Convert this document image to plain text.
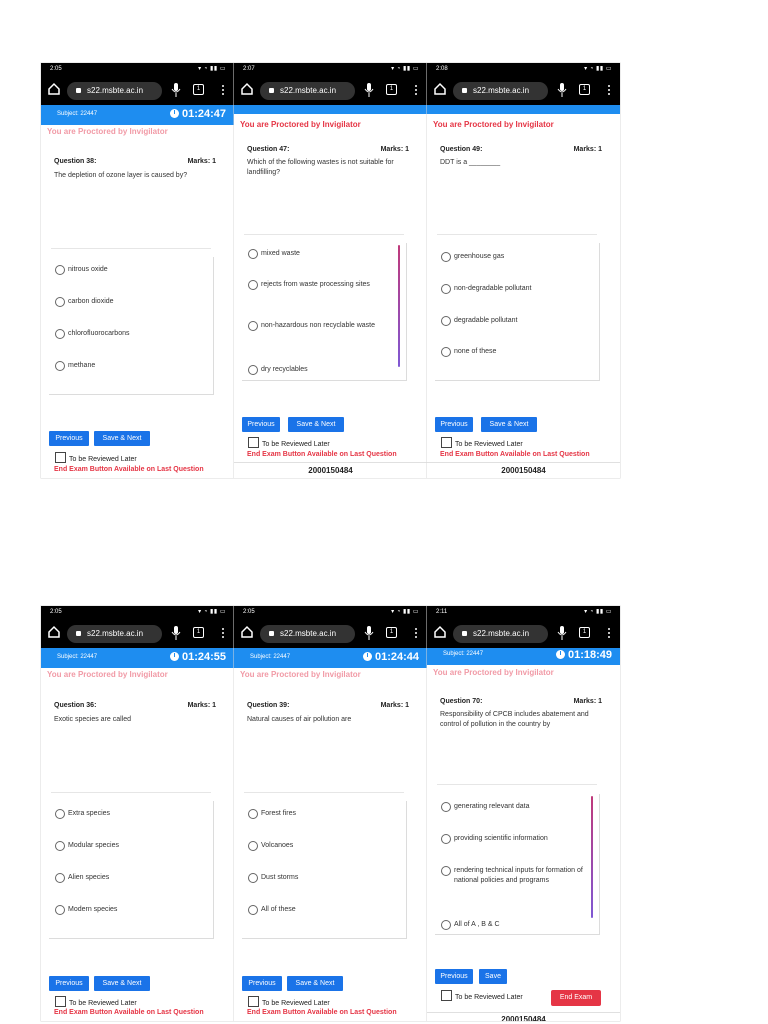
2:05	▾ ◔ ▮▮ ▭
s22.msbte.ac.in	1
Subject: 22447	01:24:47
You are Proctored by Invigilator
Question 38:	Marks: 1
The depletion of ozone layer is caused by?
nitrous oxide
carbon dioxide
chlorofluorocarbons
methane
Previous	Save & Next
To be Reviewed Later
End Exam Button Available on Last Question
2:07	▾ ◔ ▮▮ ▭
s22.msbte.ac.in	1
You are Proctored by Invigilator
Question 47:	Marks: 1
Which of the following wastes is not suitable for landfilling?
mixed waste
rejects from waste processing sites
non-hazardous non recyclable waste
dry recyclables
Previous	Save & Next
To be Reviewed Later
End Exam Button Available on Last Question
2000150484
2:08	▾ ◔ ▮▮ ▭
s22.msbte.ac.in	1
You are Proctored by Invigilator
Question 49:	Marks: 1
DDT is a ________
greenhouse gas
non-degradable pollutant
degradable pollutant
none of these
Previous	Save & Next
To be Reviewed Later
End Exam Button Available on Last Question
2000150484
2:05	▾ ◔ ▮▮ ▭
s22.msbte.ac.in	1
Subject: 22447	01:24:55
You are Proctored by Invigilator
Question 36:	Marks: 1
Exotic species are called
Extra species
Modular species
Alien species
Modern species
Previous	Save & Next
To be Reviewed Later
End Exam Button Available on Last Question
2:05	▾ ◔ ▮▮ ▭
s22.msbte.ac.in	1
Subject: 22447	01:24:44
You are Proctored by Invigilator
Question 39:	Marks: 1
Natural causes of air pollution are
Forest fires
Volcanoes
Dust storms
All of these
Previous	Save & Next
To be Reviewed Later
End Exam Button Available on Last Question
2:11	▾ ◔ ▮▮ ▭
s22.msbte.ac.in	1
Subject: 22447	01:18:49
You are Proctored by Invigilator
Question 70:	Marks: 1
Responsibility of CPCB includes abatement and control of pollution in the country by
generating relevant data
providing scientific information
rendering technical inputs for formation of national policies and programs
All of A , B & C
Previous	Save
To be Reviewed Later	End Exam
2000150484
